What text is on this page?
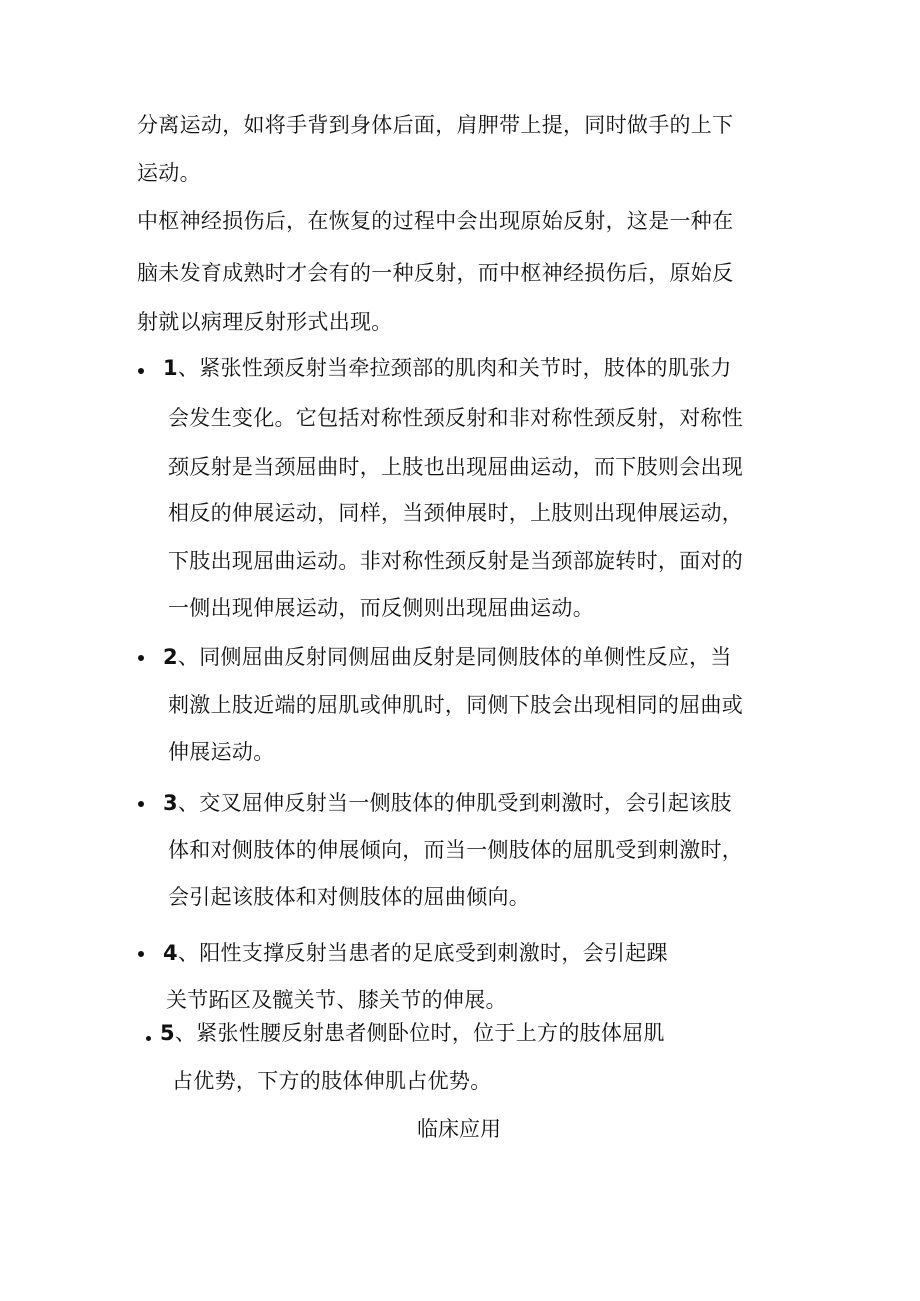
分离运动，如将手背到身体后面，肩胛带上提，同时做手的上下
运动。
中枢神经损伤后，在恢复的过程中会出现原始反射，这是一种在
脑未发育成熟时才会有的一种反射，而中枢神经损伤后，原始反
射就以病理反射形式出现。
1、紧张性颈反射当牵拉颈部的肌肉和关节时，肢体的肌张力
会发生变化。它包括对称性颈反射和非对称性颈反射，对称性
颈反射是当颈屈曲时，上肢也出现屈曲运动，而下肢则会出现
相反的伸展运动，同样，当颈伸展时，上肢则出现伸展运动，
下肢出现屈曲运动。非对称性颈反射是当颈部旋转时，面对的
一侧出现伸展运动，而反侧则出现屈曲运动。
2、同侧屈曲反射同侧屈曲反射是同侧肢体的单侧性反应，当
刺激上肢近端的屈肌或伸肌时，同侧下肢会出现相同的屈曲或
伸展运动。
3、交叉屈伸反射当一侧肢体的伸肌受到刺激时，会引起该肢
体和对侧肢体的伸展倾向，而当一侧肢体的屈肌受到刺激时，
会引起该肢体和对侧肢体的屈曲倾向。
4、阳性支撑反射当患者的足底受到刺激时，会引起踝
关节跖区及髋关节、膝关节的伸展。
5、紧张性腰反射患者侧卧位时，位于上方的肢体屈肌
占优势，下方的肢体伸肌占优势。
临床应用
